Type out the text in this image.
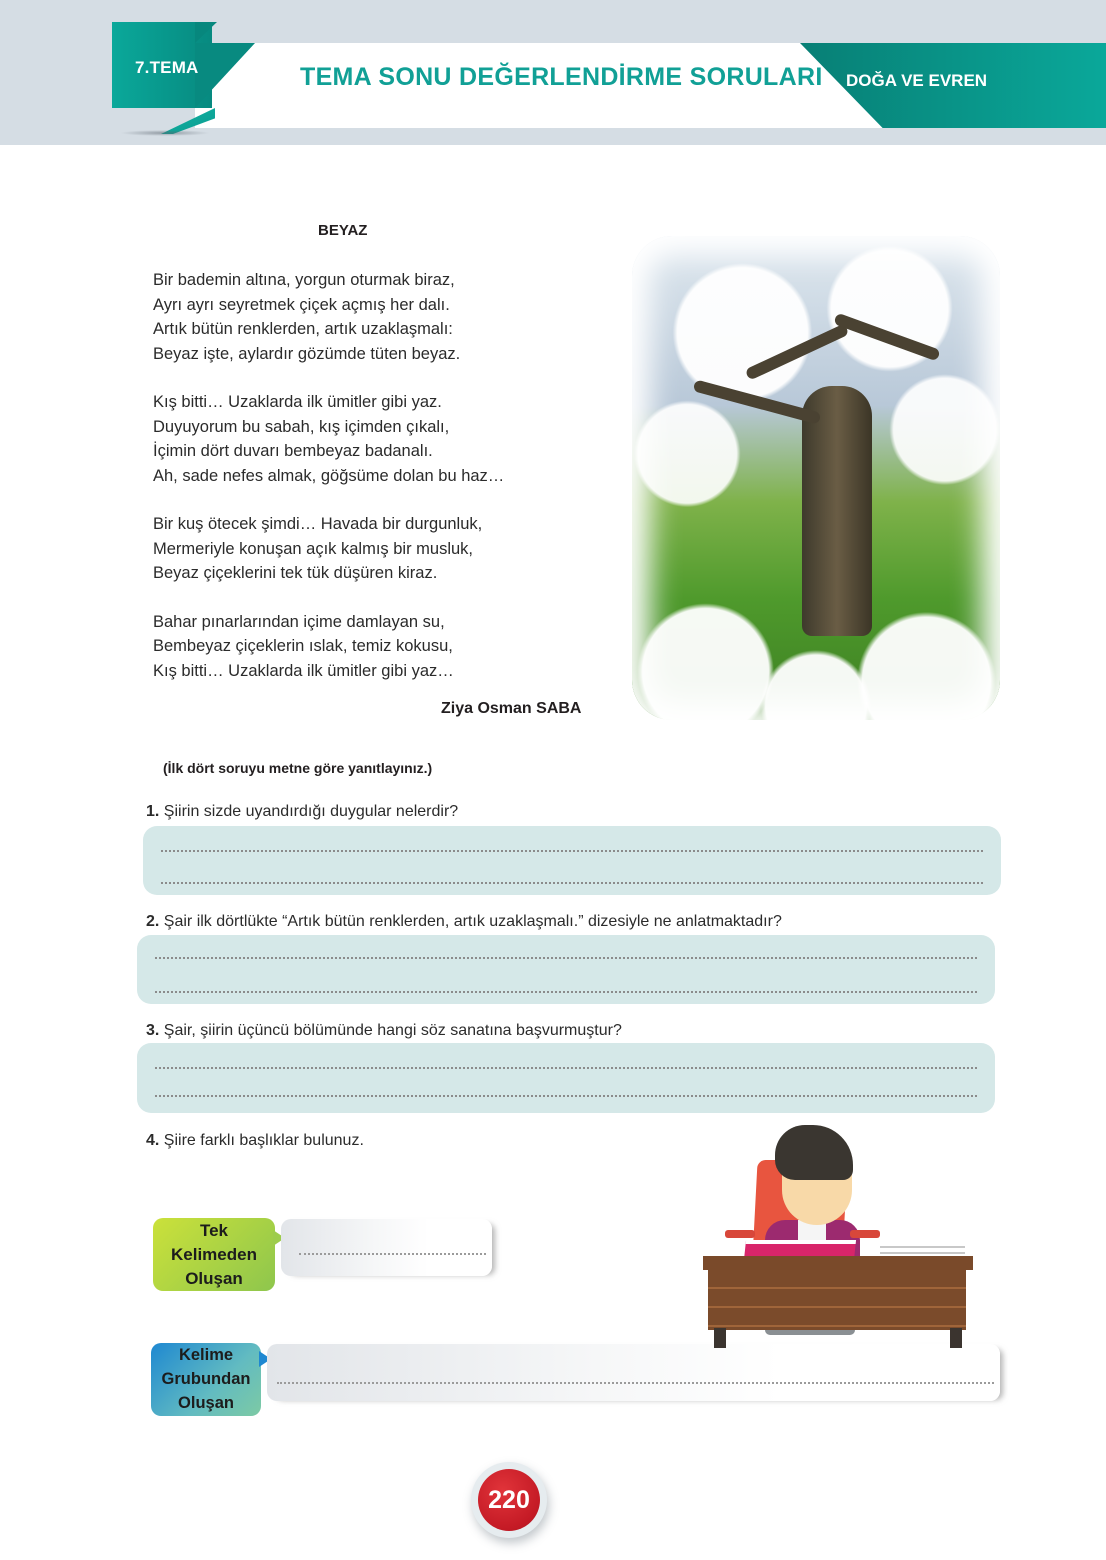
7.TEMA	TEMA SONU DEĞERLENDİRME SORULARI DOĞA VE EVREN
BEYAZ
Bir bademin altına, yorgun oturmak biraz,
Ayrı ayrı seyretmek çiçek açmış her dalı.
Artık bütün renklerden, artık uzaklaşmalı:
Beyaz işte, aylardır gözümde tüten beyaz.
Kış bitti… Uzaklarda ilk ümitler gibi yaz.
Duyuyorum bu sabah, kış içimden çıkalı,
İçimin dört duvarı bembeyaz badanalı.
Ah, sade nefes almak, göğsüme dolan bu haz…
Bir kuş ötecek şimdi… Havada bir durgunluk,
Mermeriyle konuşan açık kalmış bir musluk,
Beyaz çiçeklerini tek tük düşüren kiraz.
Bahar pınarlarından içime damlayan su,
Bembeyaz çiçeklerin ıslak, temiz kokusu,
Kış bitti… Uzaklarda ilk ümitler gibi yaz…
Ziya Osman SABA
(İlk dört soruyu metne göre yanıtlayınız.)
1. Şiirin sizde uyandırdığı duygular nelerdir?
2. Şair ilk dörtlükte “Artık bütün renklerden, artık uzaklaşmalı.” dizesiyle ne anlatmaktadır?
3. Şair, şiirin üçüncü bölümünde hangi söz sanatına başvurmuştur?
4. Şiire farklı başlıklar bulunuz.
Tek
Kelimeden
Oluşan
Kelime
Grubundan
Oluşan
220
